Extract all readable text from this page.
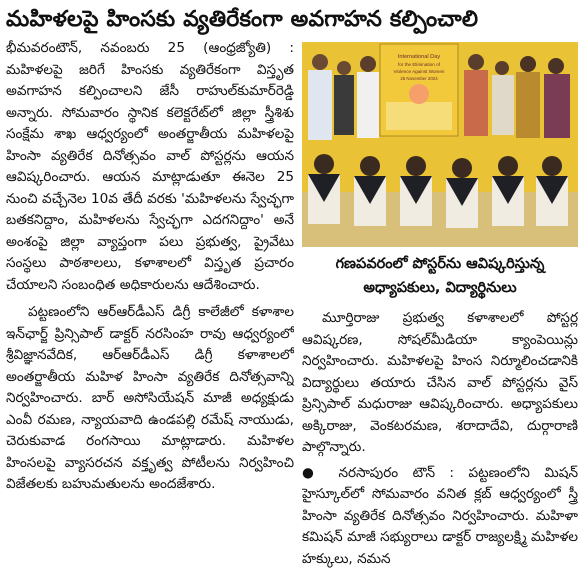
మహిళలపై హింసకు వ్యతిరేకంగా అవగాహన కల్పించాలి

భీమవరంటౌన్, నవంబరు 25 (ఆంధ్రజ్యోతి) : మహిళలపై జరిగే హింసకు వ్యతిరేకంగా విస్తృత అవగాహన కల్పించాలని జేసీ రాహుల్‌కుమార్‌రెడ్డి అన్నారు. సోమవారం స్థానిక కలెక్టరేట్‌లో జిల్లా స్త్రీశిశు సంక్షేమ శాఖ ఆధ్వర్యంలో అంతర్జాతీయ మహిళలపై హింసా వ్యతిరేక దినోత్సవం వాల్ పోస్టర్లను ఆయన ఆవిష్కరించారు. ఆయన మాట్లాడుతూ ఈనెల 25 నుంచి వచ్చేనెల 10వ తేదీ వరకు 'మహిళలను స్వేచ్ఛగా బతకనిద్దాం, మహిళలను స్వేచ్ఛగా ఎదగనిద్దాం' అనే అంశంపై జిల్లా వ్యాప్తంగా పలు ప్రభుత్వ, ప్రైవేటు సంస్థలు పాఠశాలలు, కళాశాలలో విస్తృత ప్రచారం చేయాలని సంబంధిత అధికారులను ఆదేశించారు.

పట్టణంలోని ఆర్‌ఆర్‌డీఎస్ డిగ్రీ కాలేజీలో కళాశాల ఇన్‌ఛార్జ్ ప్రిన్సిపాల్ డాక్టర్ నరసింహ రావు ఆధ్వర్యంలో శ్రీవిజ్ఞానవేదిక, ఆర్‌ఆర్‌డీఎస్ డిగ్రీ కళాశాలలో అంతర్జాతీయ మహిళ హింసా వ్యతిరేక దినోత్సవాన్ని నిర్వహించారు. బార్ అసోసియేషన్ మాజీ అధ్యక్షుడు ఎంవీ రమణ, న్యాయవాది ఉండపల్లి రమేష్ నాయుడు, చెరుకువాడ రంగసాయి మాట్లాడారు. మహిళల హింసలపై వ్యాసరచన వక్తృత్వ పోటీలను నిర్వహించి విజేతలకు బహుమతులను అందజేశారు.

International Day
for the Elimination of
Violence Against Women
25 November 2024
గణపవరంలో పోస్టర్‌ను ఆవిష్కరిస్తున్న
అధ్యాపకులు, విద్యార్థినులు

మూర్తిరాజు ప్రభుత్వ కళాశాలలో పోస్టర్ల ఆవిష్కరణ, సోషల్‌మీడియా క్యాంపెయిన్లు నిర్వహించారు. మహిళలపై హింస నిర్మూలించడానికి విద్యార్థులు తయారు చేసిన వాల్ పోస్టర్లను వైస్ ప్రిన్సిపాల్ మధురాజు ఆవిష్కరించారు. అధ్యాపకులు అక్కిరాజు, వెంకటరమణ, శరాదాదేవి, దుర్గారాణి పాల్గొన్నారు.

● నరసాపురం టౌన్ : పట్టణంలోని మిషన్ హైస్కూల్‌లో సోమవారం వనిత క్లబ్ ఆధ్వర్యంలో స్త్రీ హింసా వ్యతిరేక దినోత్సవం నిర్వహించారు. మహిళా కమిషన్ మాజీ సభ్యురాలు డాక్టర్ రాజ్యలక్ష్మి మహిళల హక్కులు, నమన
